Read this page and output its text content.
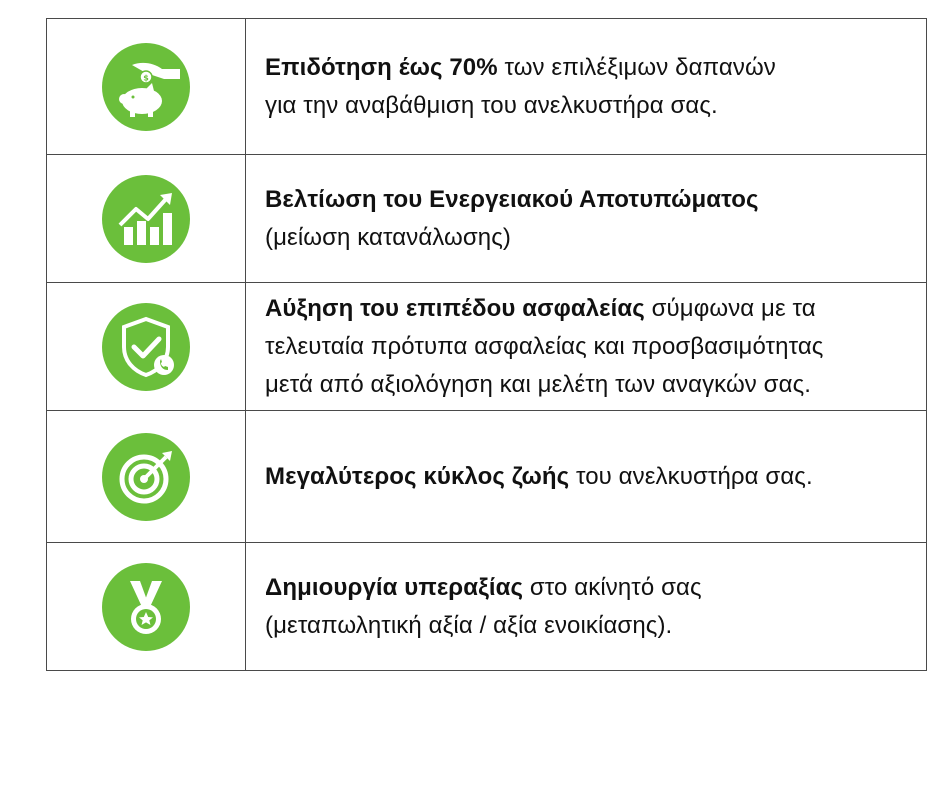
$	Επιδότηση έως 70% των επιλέξιμων δαπανών
για την αναβάθμιση του ανελκυστήρα σας.

Βελτίωση του Ενεργειακού Αποτυπώματος
(μείωση κατανάλωσης)

Αύξηση του επιπέδου ασφαλείας σύμφωνα με τα
τελευταία πρότυπα ασφαλείας και προσβασιμότητας
μετά από αξιολόγηση και μελέτη των αναγκών σας.

Μεγαλύτερος κύκλος ζωής του ανελκυστήρα σας.

Δημιουργία υπεραξίας στο ακίνητό σας
(μεταπωλητική αξία / αξία ενοικίασης).
